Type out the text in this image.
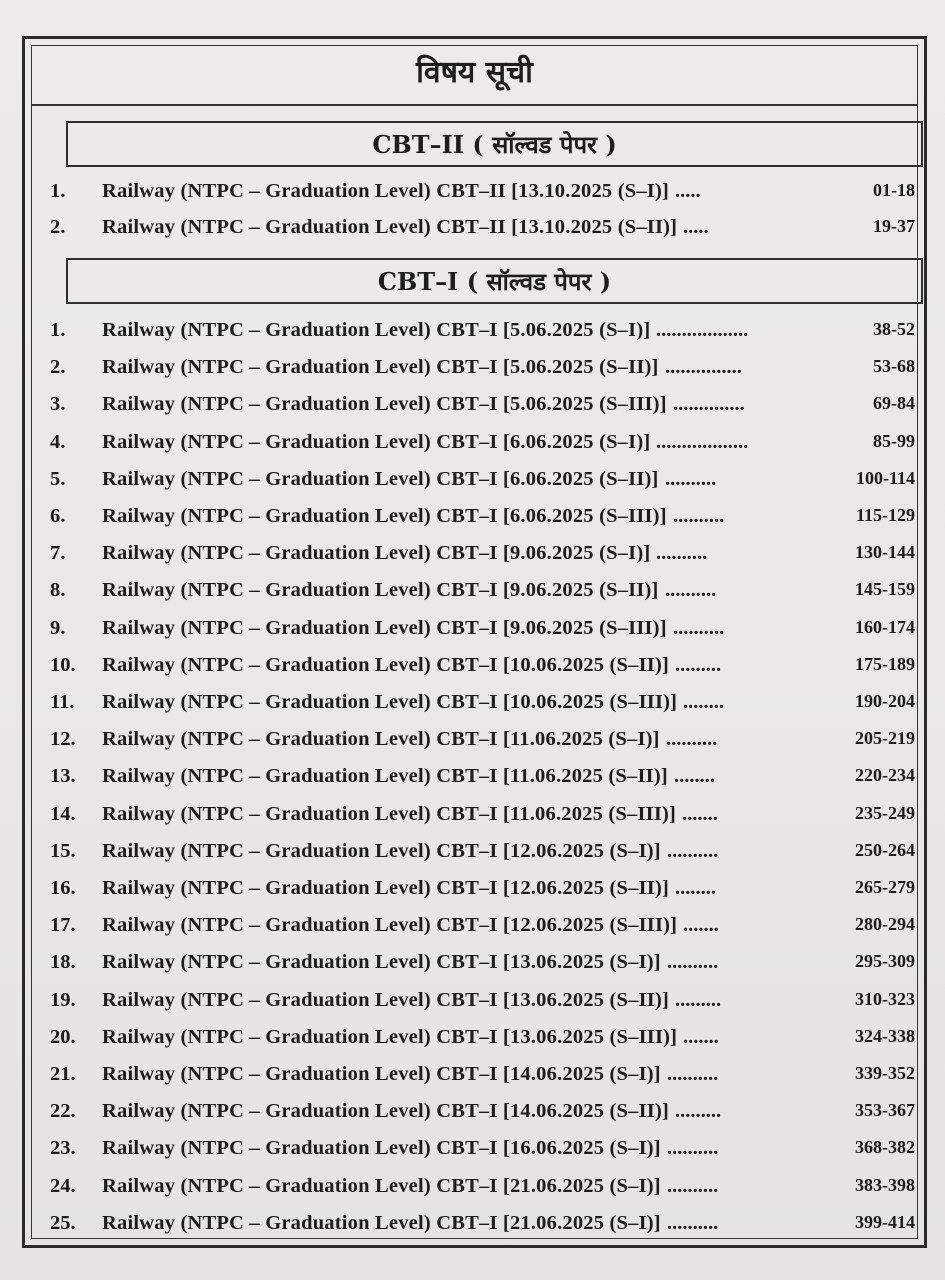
विषय सूची
CBT–II ( सॉल्वड पेपर )
1. Railway (NTPC – Graduation Level) CBT–II [13.10.2025 (S–I)] .....	01-18
2. Railway (NTPC – Graduation Level) CBT–II [13.10.2025 (S–II)] .....	19-37
CBT–I ( सॉल्वड पेपर )
1. Railway (NTPC – Graduation Level) CBT–I [5.06.2025 (S–I)] ..................	38-52
2. Railway (NTPC – Graduation Level) CBT–I [5.06.2025 (S–II)] ...............	53-68
3. Railway (NTPC – Graduation Level) CBT–I [5.06.2025 (S–III)] ..............	69-84
4. Railway (NTPC – Graduation Level) CBT–I [6.06.2025 (S–I)] ..................	85-99
5. Railway (NTPC – Graduation Level) CBT–I [6.06.2025 (S–II)] ..........	100-114
6. Railway (NTPC – Graduation Level) CBT–I [6.06.2025 (S–III)] ..........	115-129
7. Railway (NTPC – Graduation Level) CBT–I [9.06.2025 (S–I)] ..........	130-144
8. Railway (NTPC – Graduation Level) CBT–I [9.06.2025 (S–II)] ..........	145-159
9. Railway (NTPC – Graduation Level) CBT–I [9.06.2025 (S–III)] ..........	160-174
10. Railway (NTPC – Graduation Level) CBT–I [10.06.2025 (S–II)] .........	175-189
11. Railway (NTPC – Graduation Level) CBT–I [10.06.2025 (S–III)] ........	190-204
12. Railway (NTPC – Graduation Level) CBT–I [11.06.2025 (S–I)] ..........	205-219
13. Railway (NTPC – Graduation Level) CBT–I [11.06.2025 (S–II)] ........	220-234
14. Railway (NTPC – Graduation Level) CBT–I [11.06.2025 (S–III)] .......	235-249
15. Railway (NTPC – Graduation Level) CBT–I [12.06.2025 (S–I)] ..........	250-264
16. Railway (NTPC – Graduation Level) CBT–I [12.06.2025 (S–II)] ........	265-279
17. Railway (NTPC – Graduation Level) CBT–I [12.06.2025 (S–III)] .......	280-294
18. Railway (NTPC – Graduation Level) CBT–I [13.06.2025 (S–I)] ..........	295-309
19. Railway (NTPC – Graduation Level) CBT–I [13.06.2025 (S–II)] .........	310-323
20. Railway (NTPC – Graduation Level) CBT–I [13.06.2025 (S–III)] .......	324-338
21. Railway (NTPC – Graduation Level) CBT–I [14.06.2025 (S–I)] ..........	339-352
22. Railway (NTPC – Graduation Level) CBT–I [14.06.2025 (S–II)] .........	353-367
23. Railway (NTPC – Graduation Level) CBT–I [16.06.2025 (S–I)] ..........	368-382
24. Railway (NTPC – Graduation Level) CBT–I [21.06.2025 (S–I)] ..........	383-398
25. Railway (NTPC – Graduation Level) CBT–I [21.06.2025 (S–I)] ..........	399-414
